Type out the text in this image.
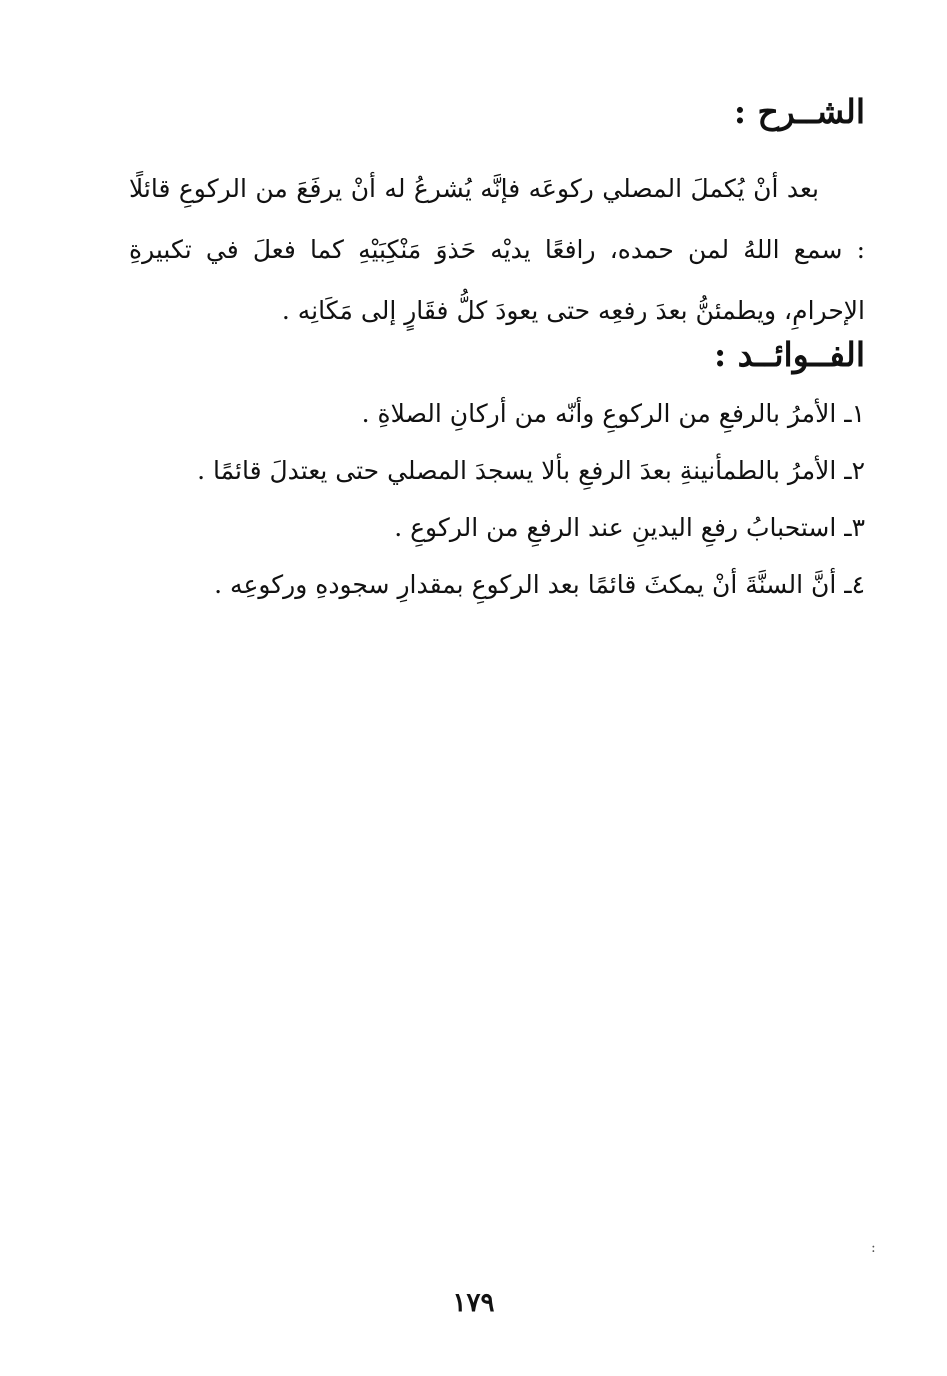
الشــرح :
بعد أنْ يُكملَ المصلي ركوعَه فإنَّه يُشرعُ له أنْ يرفَعَ من الركوعِ قائلًا : سمع اللهُ لمن حمده، رافعًا يديْه حَذوَ مَنْكِبَيْهِ كما فعلَ في تكبيرةِ الإحرامِ، ويطمئنُّ بعدَ رفعِه حتى يعودَ كلُّ فقَارٍ إلى مَكَانِه .
الفــوائــد :
١ـ الأمرُ بالرفعِ من الركوعِ وأنّه من أركانِ الصلاةِ .
٢ـ الأمرُ بالطمأنينةِ بعدَ الرفعِ بألا يسجدَ المصلي حتى يعتدلَ قائمًا .
٣ـ استحبابُ رفعِ اليدينِ عند الرفعِ من الركوعِ .
٤ـ أنَّ السنَّةَ أنْ يمكثَ قائمًا بعد الركوعِ بمقدارِ سجودهِ وركوعِه .
:
١٧٩
